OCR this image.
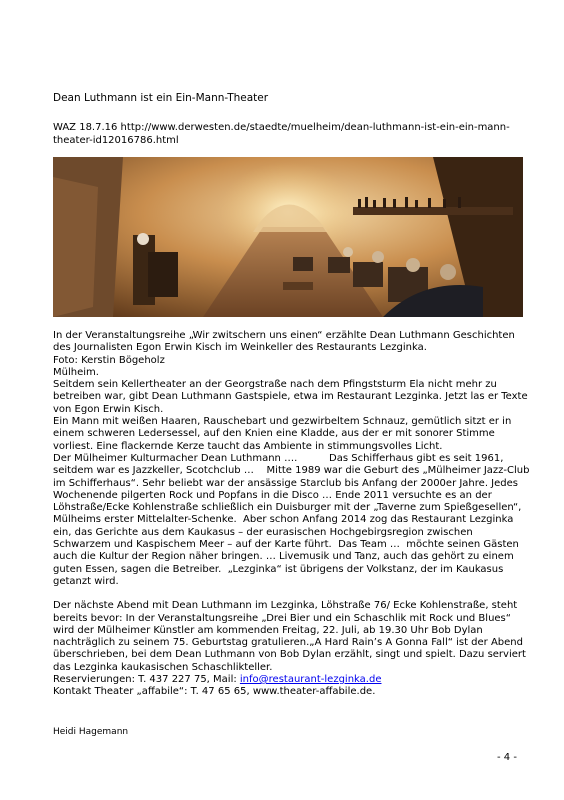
Dean Luthmann ist ein Ein-Mann-Theater
WAZ 18.7.16 http://www.derwesten.de/staedte/muelheim/dean-luthmann-ist-ein-ein-mann-theater-id12016786.html

In der Veranstaltungsreihe „Wir zwitschern uns einen“ erzählte Dean Luthmann Geschichten des Journalisten Egon Erwin Kisch im Weinkeller des Restaurants Lezginka.

Foto: Kerstin Bögeholz

Mülheim.

Seitdem sein Kellertheater an der Georgstraße nach dem Pfingststurm Ela nicht mehr zu betreiben war, gibt Dean Luthmann Gastspiele, etwa im Restaurant Lezginka. Jetzt las er Texte von Egon Erwin Kisch.

Ein Mann mit weißen Haaren, Rauschebart und gezwirbeltem Schnauz, gemütlich sitzt er in einem schweren Ledersessel, auf den Knien eine Kladde, aus der er mit sonorer Stimme vorliest. Eine flackernde Kerze taucht das Ambiente in stimmungsvolles Licht.

Der Mülheimer Kulturmacher Dean Luthmann ….          Das Schifferhaus gibt es seit 1961, seitdem war es Jazzkeller, Scotchclub …    Mitte 1989 war die Geburt des „Mülheimer Jazz-Club im Schifferhaus“. Sehr beliebt war der ansässige Starclub bis Anfang der 2000er Jahre. Jedes Wochenende pilgerten Rock und Popfans in die Disco … Ende 2011 versuchte es an der Löhstraße/Ecke Kohlenstraße schließlich ein Duisburger mit der „Taverne zum Spießgesellen“, Mülheims erster Mittelalter-Schenke.  Aber schon Anfang 2014 zog das Restaurant Lezginka ein, das Gerichte aus dem Kaukasus – der eurasischen Hochgebirgsregion zwischen Schwarzem und Kaspischem Meer – auf der Karte führt.  Das Team …  möchte seinen Gästen auch die Kultur der Region näher bringen. … Livemusik und Tanz, auch das gehört zu einem guten Essen, sagen die Betreiber.  „Lezginka“ ist übrigens der Volkstanz, der im Kaukasus getanzt wird.

Der nächste Abend mit Dean Luthmann im Lezginka, Löhstraße 76/ Ecke Kohlenstraße, steht bereits bevor: In der Veranstaltungsreihe „Drei Bier und ein Schaschlik mit Rock und Blues“ wird der Mülheimer Künstler am kommenden Freitag, 22. Juli, ab 19.30 Uhr Bob Dylan nachträglich zu seinem 75. Geburtstag gratulieren.„A Hard Rain’s A Gonna Fall“ ist der Abend überschrieben, bei dem Dean Luthmann von Bob Dylan erzählt, singt und spielt. Dazu serviert das Lezginka kaukasischen Schaschlikteller.

Reservierungen: T. 437 227 75, Mail: info@restaurant-lezginka.de

Kontakt Theater „affabile“: T. 47 65 65, www.theater-affabile.de.

Heidi Hagemann
- 4 -
